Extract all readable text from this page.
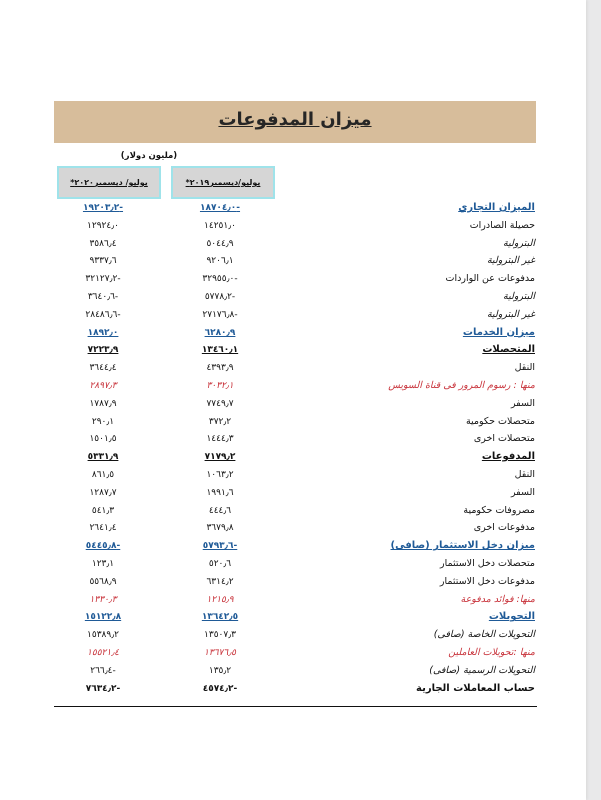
ميزان المدفوعات
(مليون دولار)
يوليو/ ديسمبر٢٠٢٠*	يوليو/ديسمبر٢٠١٩*
-١٩٢٠٣٫٢	-١٨٧٠٤٫٠	الميزان التجاري
١٢٩٢٤٫٠	١٤٢٥١٫٠	حصيلة الصادرات
٣٥٨٦٫٤	٥٠٤٤٫٩	البترولية
٩٣٣٧٫٦	٩٢٠٦٫١	غير البترولية
-٣٢١٢٧٫٢	-٣٢٩٥٥٫٠	مدفوعات عن الواردات
-٣٦٤٠٫٦	-٥٧٧٨٫٢	البترولية
-٢٨٤٨٦٫٦	-٢٧١٧٦٫٨	غير البترولية
١٨٩٢٫٠	٦٢٨٠٫٩	ميزان الخدمات
٧٢٢٣٫٩	١٣٤٦٠٫١	المتحصلات
٣٦٤٤٫٤	٤٣٩٣٫٩	النقل
٢٨٩٧٫٣	٣٠٣٢٫١	منها : رسوم المرور فى قناة السويس
١٧٨٧٫٩	٧٧٤٩٫٧	السفر
٢٩٠٫١	٣٧٢٫٢	متحصلات حكومية
١٥٠١٫٥	١٤٤٤٫٣	متحصلات اخرى
٥٣٣١٫٩	٧١٧٩٫٢	المدفوعات
٨٦١٫٥	١٠٦٣٫٢	النقل
١٢٨٧٫٧	١٩٩١٫٦	السفر
٥٤١٫٣	٤٤٤٫٦	مصروفات حكومية
٢٦٤١٫٤	٣٦٧٩٫٨	مدفوعات اخرى
-٥٤٤٥٫٨	-٥٧٩٣٫٦	ميزان دخل الاستثمار (صافى)
١٢٣٫١	٥٢٠٫٦	متحصلات دخل الاستثمار
٥٥٦٨٫٩	٦٣١٤٫٢	مدفوعات دخل الاستثمار
١٣٣٠٫٣	١٢١٥٫٩	منها: فوائد مدفوعة
١٥١٢٢٫٨	١٣٦٤٢٫٥	التحويلات
١٥٣٨٩٫٢	١٣٥٠٧٫٣	التحويلات الخاصة (صافى)
١٥٥٢١٫٤	١٣٦٧٦٫٥	منها :تحويلات العاملين
-٢٦٦٫٤	١٣٥٫٢	التحويلات الرسمية (صافى)
-٧٦٣٤٫٢	-٤٥٧٤٫٢	حساب المعاملات الجارية
